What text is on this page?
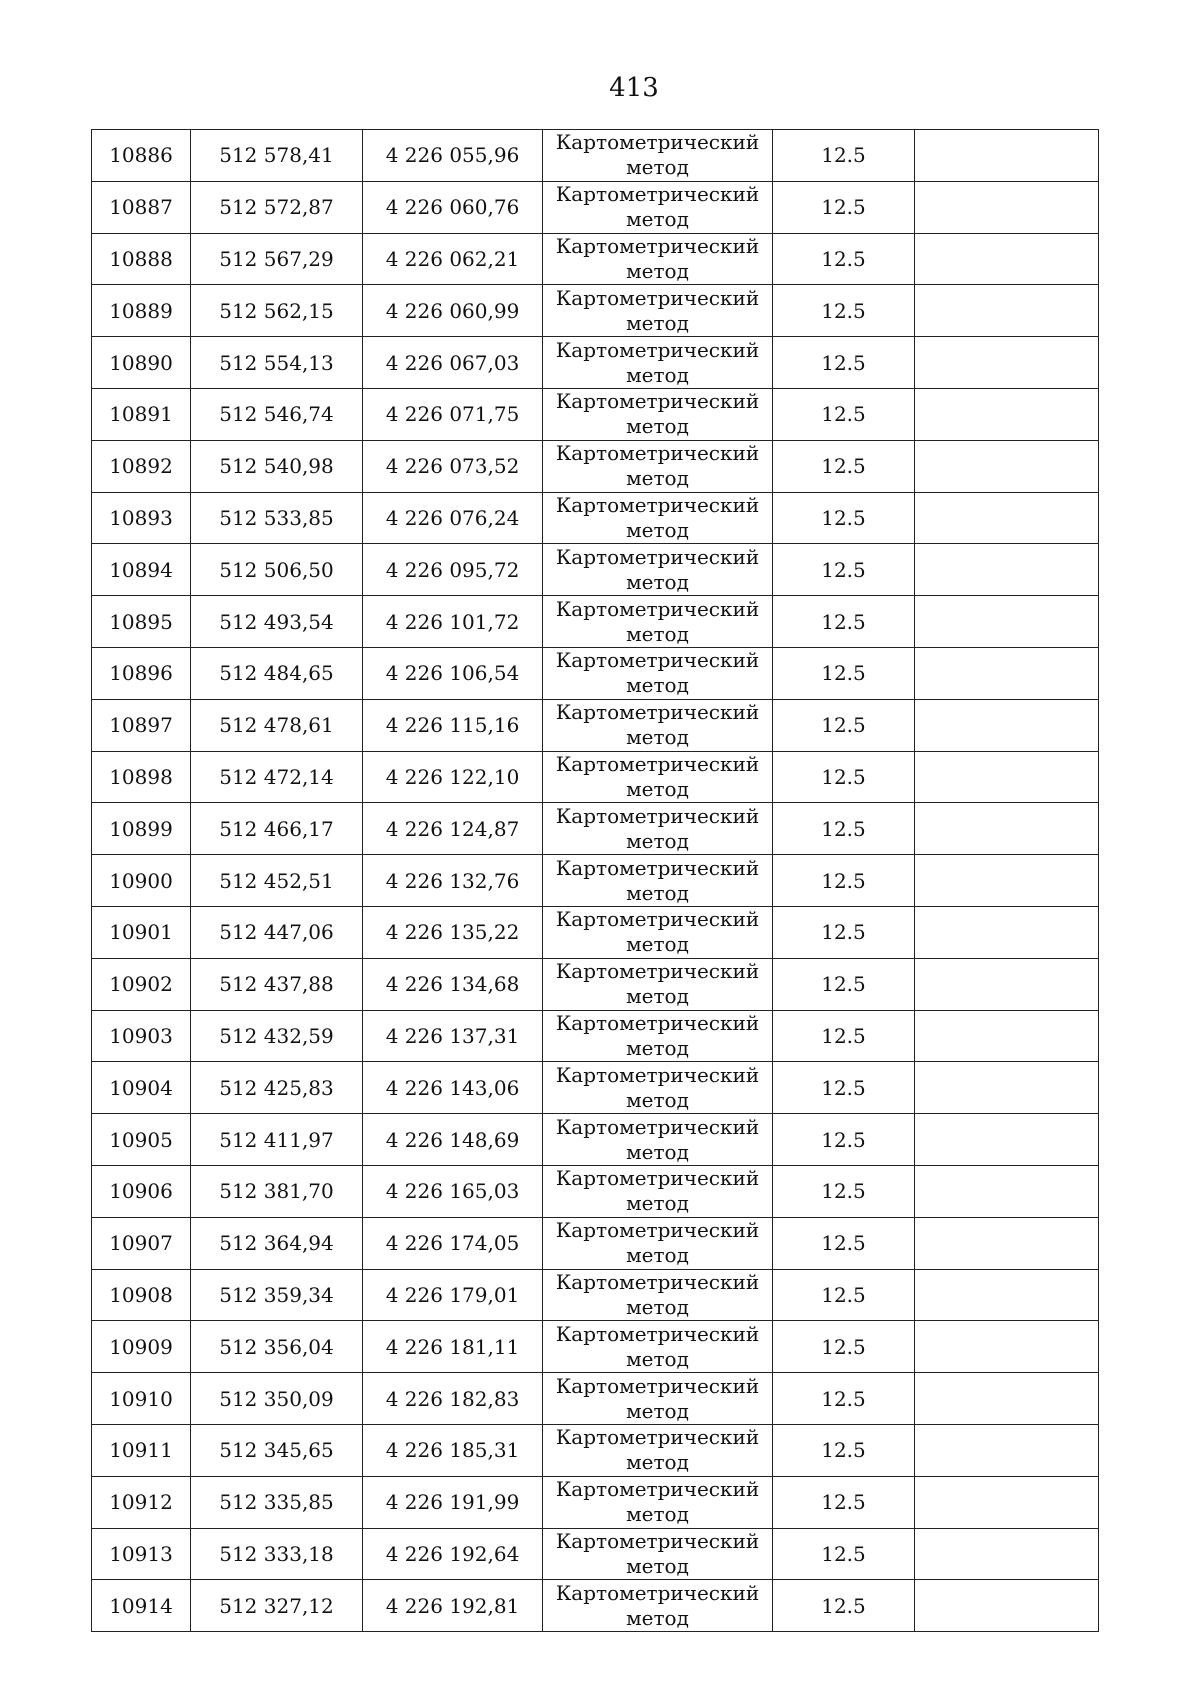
413
10886	512 578,41	4 226 055,96	Картометрический метод	12.5	
10887	512 572,87	4 226 060,76	Картометрический метод	12.5	
10888	512 567,29	4 226 062,21	Картометрический метод	12.5	
10889	512 562,15	4 226 060,99	Картометрический метод	12.5	
10890	512 554,13	4 226 067,03	Картометрический метод	12.5	
10891	512 546,74	4 226 071,75	Картометрический метод	12.5	
10892	512 540,98	4 226 073,52	Картометрический метод	12.5	
10893	512 533,85	4 226 076,24	Картометрический метод	12.5	
10894	512 506,50	4 226 095,72	Картометрический метод	12.5	
10895	512 493,54	4 226 101,72	Картометрический метод	12.5	
10896	512 484,65	4 226 106,54	Картометрический метод	12.5	
10897	512 478,61	4 226 115,16	Картометрический метод	12.5	
10898	512 472,14	4 226 122,10	Картометрический метод	12.5	
10899	512 466,17	4 226 124,87	Картометрический метод	12.5	
10900	512 452,51	4 226 132,76	Картометрический метод	12.5	
10901	512 447,06	4 226 135,22	Картометрический метод	12.5	
10902	512 437,88	4 226 134,68	Картометрический метод	12.5	
10903	512 432,59	4 226 137,31	Картометрический метод	12.5	
10904	512 425,83	4 226 143,06	Картометрический метод	12.5	
10905	512 411,97	4 226 148,69	Картометрический метод	12.5	
10906	512 381,70	4 226 165,03	Картометрический метод	12.5	
10907	512 364,94	4 226 174,05	Картометрический метод	12.5	
10908	512 359,34	4 226 179,01	Картометрический метод	12.5	
10909	512 356,04	4 226 181,11	Картометрический метод	12.5	
10910	512 350,09	4 226 182,83	Картометрический метод	12.5	
10911	512 345,65	4 226 185,31	Картометрический метод	12.5	
10912	512 335,85	4 226 191,99	Картометрический метод	12.5	
10913	512 333,18	4 226 192,64	Картометрический метод	12.5	
10914	512 327,12	4 226 192,81	Картометрический метод	12.5	
